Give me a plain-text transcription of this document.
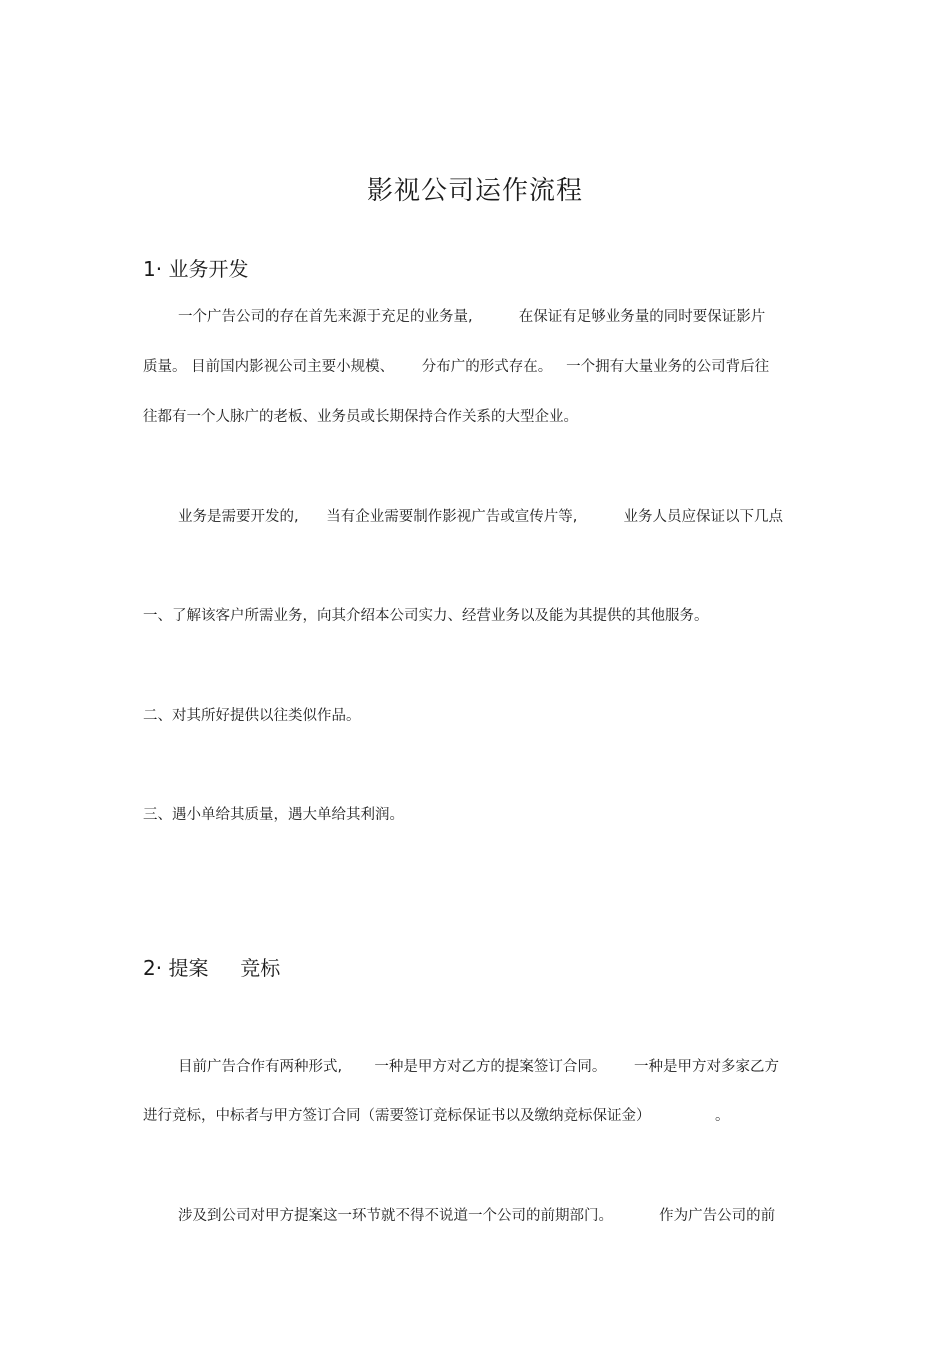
影视公司运作流程
1· 业务开发
一个广告公司的存在首先来源于充足的业务量,          在保证有足够业务量的同时要保证影片
质量。 目前国内影视公司主要小规模、      分布广的形式存在。   一个拥有大量业务的公司背后往
往都有一个人脉广的老板、业务员或长期保持合作关系的大型企业。
业务是需要开发的,      当有企业需要制作影视广告或宣传片等,          业务人员应保证以下几点
一、了解该客户所需业务，向其介绍本公司实力、经营业务以及能为其提供的其他服务。
二、对其所好提供以往类似作品。
三、遇小单给其质量，遇大单给其利润。
2· 提案     竞标
目前广告合作有两种形式,       一种是甲方对乙方的提案签订合同。      一种是甲方对多家乙方
进行竞标，中标者与甲方签订合同（需要签订竞标保证书以及缴纳竞标保证金）              。
涉及到公司对甲方提案这一环节就不得不说道一个公司的前期部门。          作为广告公司的前
